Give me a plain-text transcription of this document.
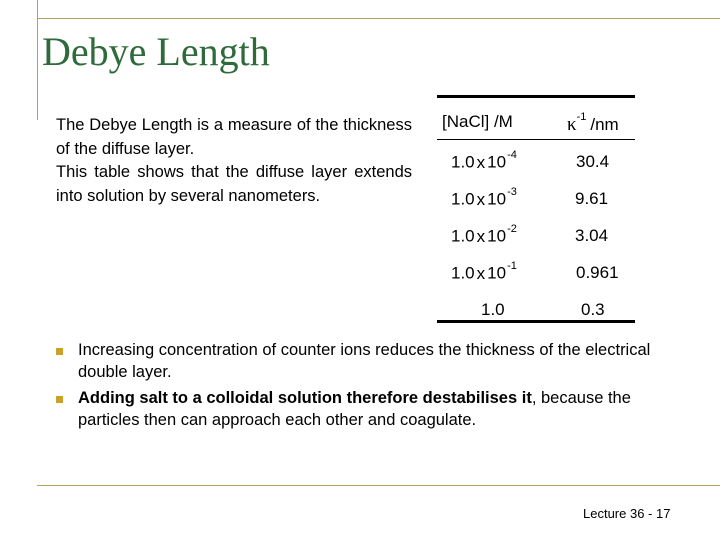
Debye Length

The Debye Length is a measure of the thickness of the diffuse layer.

This table shows that the diffuse layer extends into solution by several nanometers.

[NaCl] /M	$\kappa^{-1}$ /nm
1.0 x $10^{-4}$	30.4
1.0 x $10^{-3}$	9.61
1.0 x $10^{-2}$	3.04
1.0 x $10^{-1}$	0.961
1.0	0.3
Increasing concentration of counter ions reduces the thickness of the electrical double layer.
Adding salt to a colloidal solution therefore destabilises it, because the particles then can approach each other and coagulate.
Lecture 36 - 17
